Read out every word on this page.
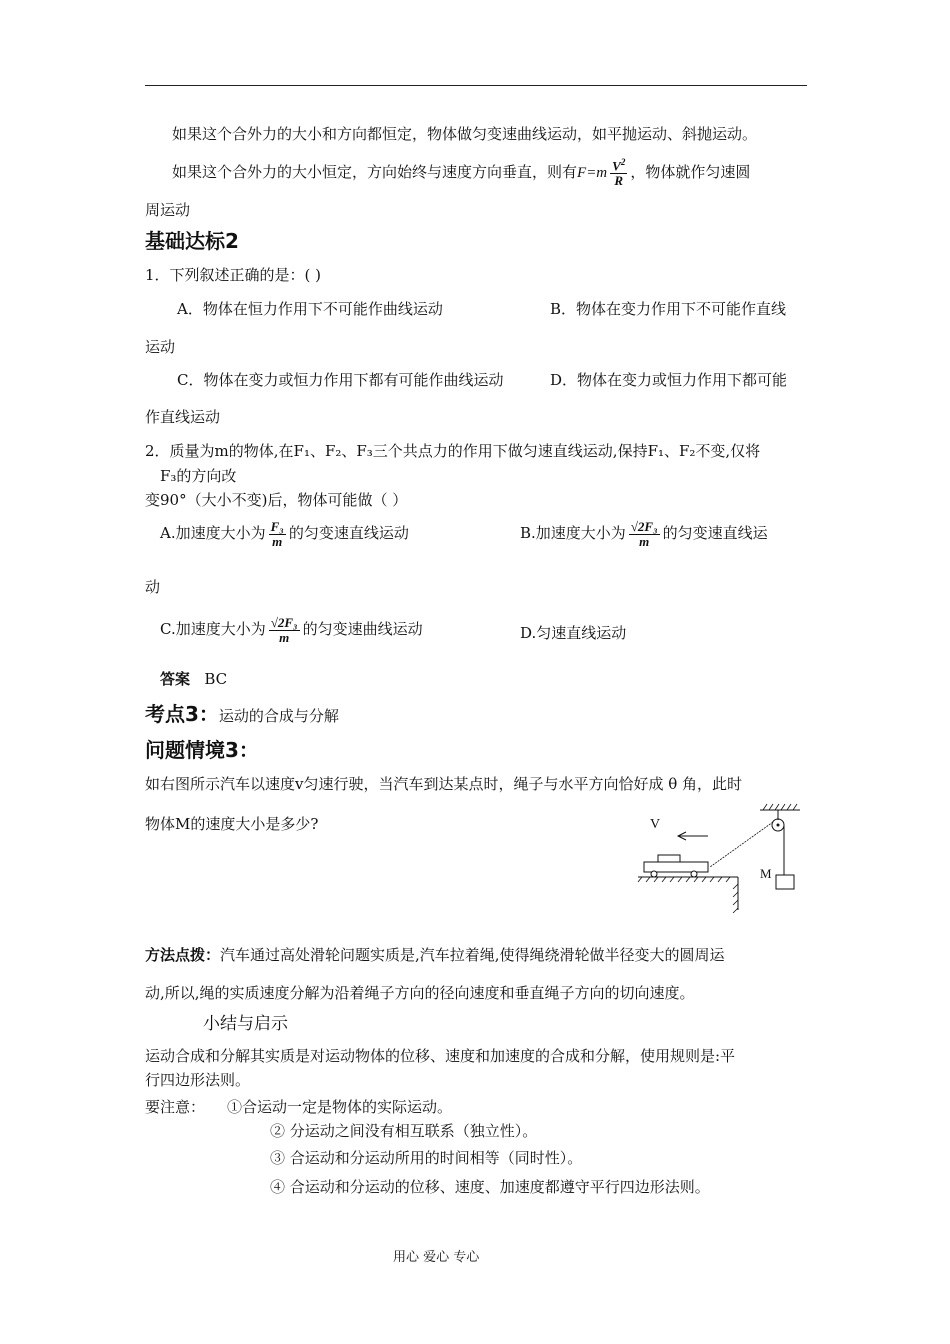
如果这个合外力的大小和方向都恒定，物体做匀变速曲线运动，如平抛运动、斜抛运动。
如果这个合外力的大小恒定，方向始终与速度方向垂直，则有$F=m \frac{V^2}{R}$ ，物体就作匀速圆
周运动
基础达标2
1．下列叙述正确的是：( )
A．物体在恒力作用下不可能作曲线运动	B．物体在变力作用下不可能作直线
运动
C．物体在变力或恒力作用下都有可能作曲线运动	D．物体在变力或恒力作用下都可能
作直线运动
2．质量为m的物体,在F₁、F₂、F₃三个共点力的作用下做匀速直线运动,保持F₁、F₂不变,仅将
F₃的方向改
变90°（大小不变)后，物体可能做（ ）
A.加速度大小为 $\frac{\text{F₃}}{m}$ 的匀变速直线运动	B.加速度大小为 $\frac{\text{√2F₃}}{m}$ 的匀变速直线运
动
C.加速度大小为 $\frac{\text{√2F₃}}{m}$ 的匀变速曲线运动	D.匀速直线运动
答案 BC
考点3：运动的合成与分解
问题情境3：
如右图所示汽车以速度v匀速行驶，当汽车到达某点时，绳子与水平方向恰好成 θ 角，此时
物体M的速度大小是多少?	V
M
方法点拨：汽车通过高处滑轮问题实质是,汽车拉着绳,使得绳绕滑轮做半径变大的圆周运
动,所以,绳的实质速度分解为沿着绳子方向的径向速度和垂直绳子方向的切向速度。
小结与启示
运动合成和分解其实质是对运动物体的位移、速度和加速度的合成和分解，使用规则是:平
行四边形法则。
要注意： ①合运动一定是物体的实际运动。
② 分运动之间没有相互联系（独立性）。
③ 合运动和分运动所用的时间相等（同时性）。
④ 合运动和分运动的位移、速度、加速度都遵守平行四边形法则。
用心 爱心 专心
